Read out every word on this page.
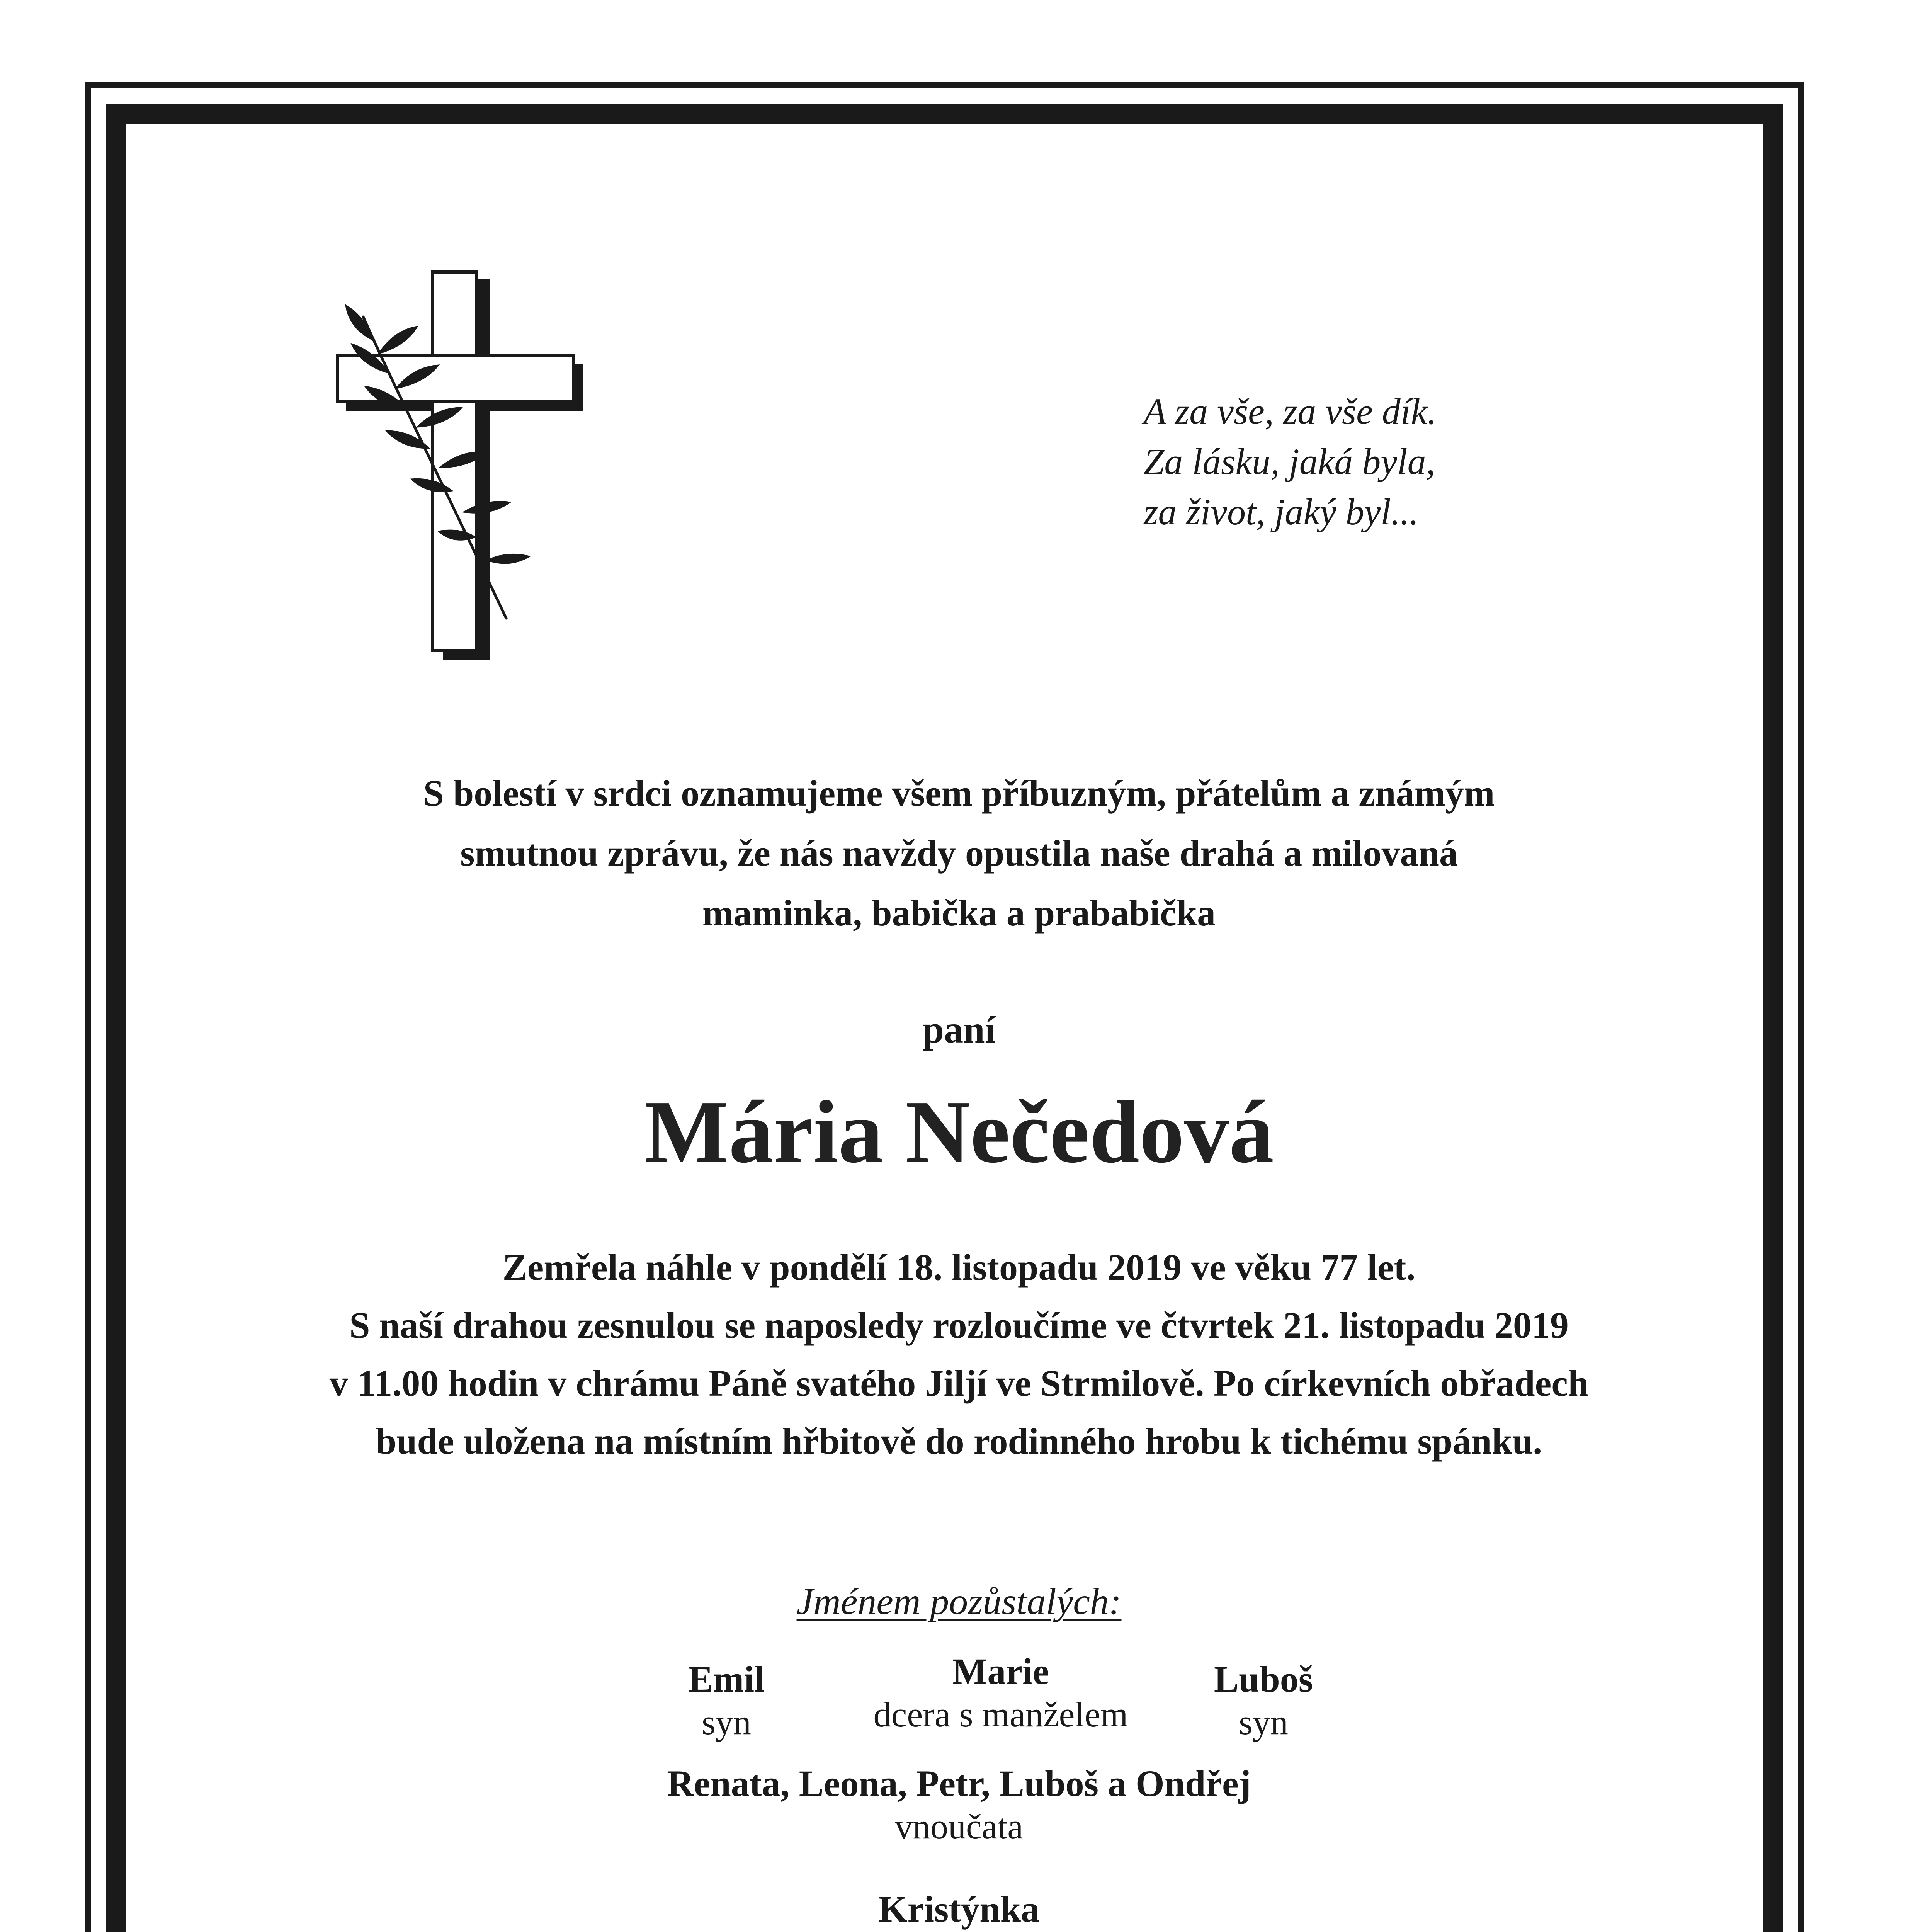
A za vše, za vše dík.
Za lásku, jaká byla,
za život, jaký byl...
S bolestí v srdci oznamujeme všem příbuzným, přátelům a známým
smutnou zprávu, že nás navždy opustila naše drahá a milovaná
maminka, babička a prababička
paní
Mária Nečedová
Zemřela náhle v pondělí 18. listopadu 2019 ve věku 77 let.
S naší drahou zesnulou se naposledy rozloučíme ve čtvrtek 21. listopadu 2019
v 11.00 hodin v chrámu Páně svatého Jiljí ve Strmilově. Po církevních obřadech
bude uložena na místním hřbitově do rodinného hrobu k tichému spánku.
Jménem pozůstalých:
Emil
syn
Marie
dcera s manželem
Luboš
syn
Renata, Leona, Petr, Luboš a Ondřej
vnoučata
Kristýnka
